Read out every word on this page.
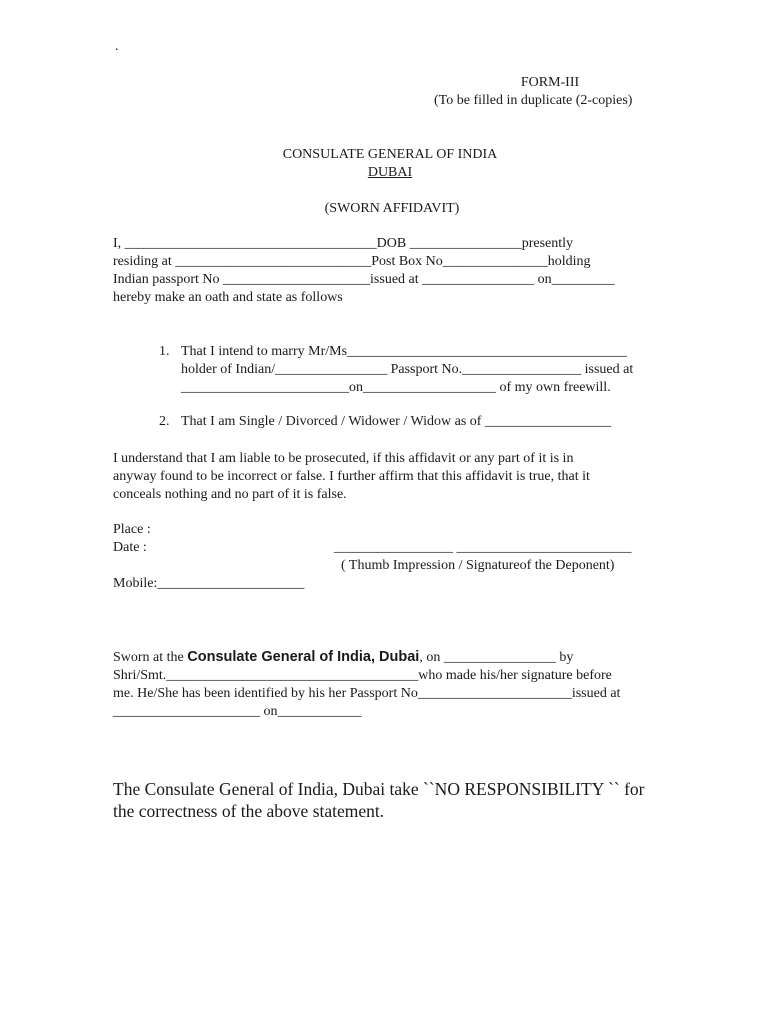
.
FORM-III
(To be filled in duplicate (2-copies)
CONSULATE GENERAL OF INDIA
DUBAI
(SWORN AFFIDAVIT)
I, ____________________________________DOB ________________presently
residing at ____________________________Post Box No_______________holding
Indian passport No _____________________issued at ________________ on_________
hereby make an oath and state as follows
1. That I intend to marry Mr/Ms________________________________________
holder of Indian/________________ Passport No._________________ issued at
________________________on___________________ of my own freewill.
2. That I am Single / Divorced / Widower / Widow as of __________________
I understand that I am liable to be prosecuted, if this affidavit or any part of it is in
anyway found to be incorrect or false. I further affirm that this affidavit is true, that it
conceals nothing and no part of it is false.
Place :
Date :	_________________ _________________________
( Thumb Impression / Signatureof the Deponent)
Mobile:_____________________
Sworn at the Consulate General of India, Dubai, on ________________ by
Shri/Smt.____________________________________who made his/her signature before
me. He/She has been identified by his her Passport No______________________issued at
_____________________ on____________
The Consulate General of India, Dubai take ``NO RESPONSIBILITY `` for
the correctness of the above statement.
